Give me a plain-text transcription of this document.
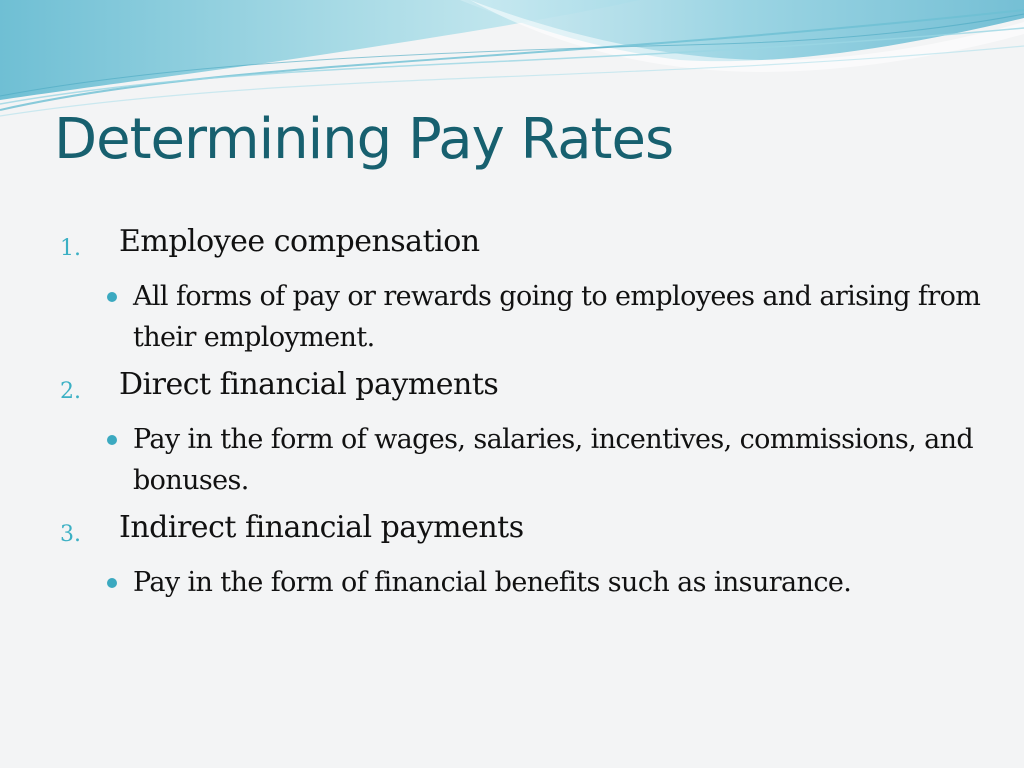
Determining Pay Rates
1. Employee compensation
All forms of pay or rewards going to employees and arising from their employment.
2. Direct financial payments
Pay in the form of wages, salaries, incentives, commissions, and bonuses.
3. Indirect financial payments
Pay in the form of financial benefits such as insurance.
